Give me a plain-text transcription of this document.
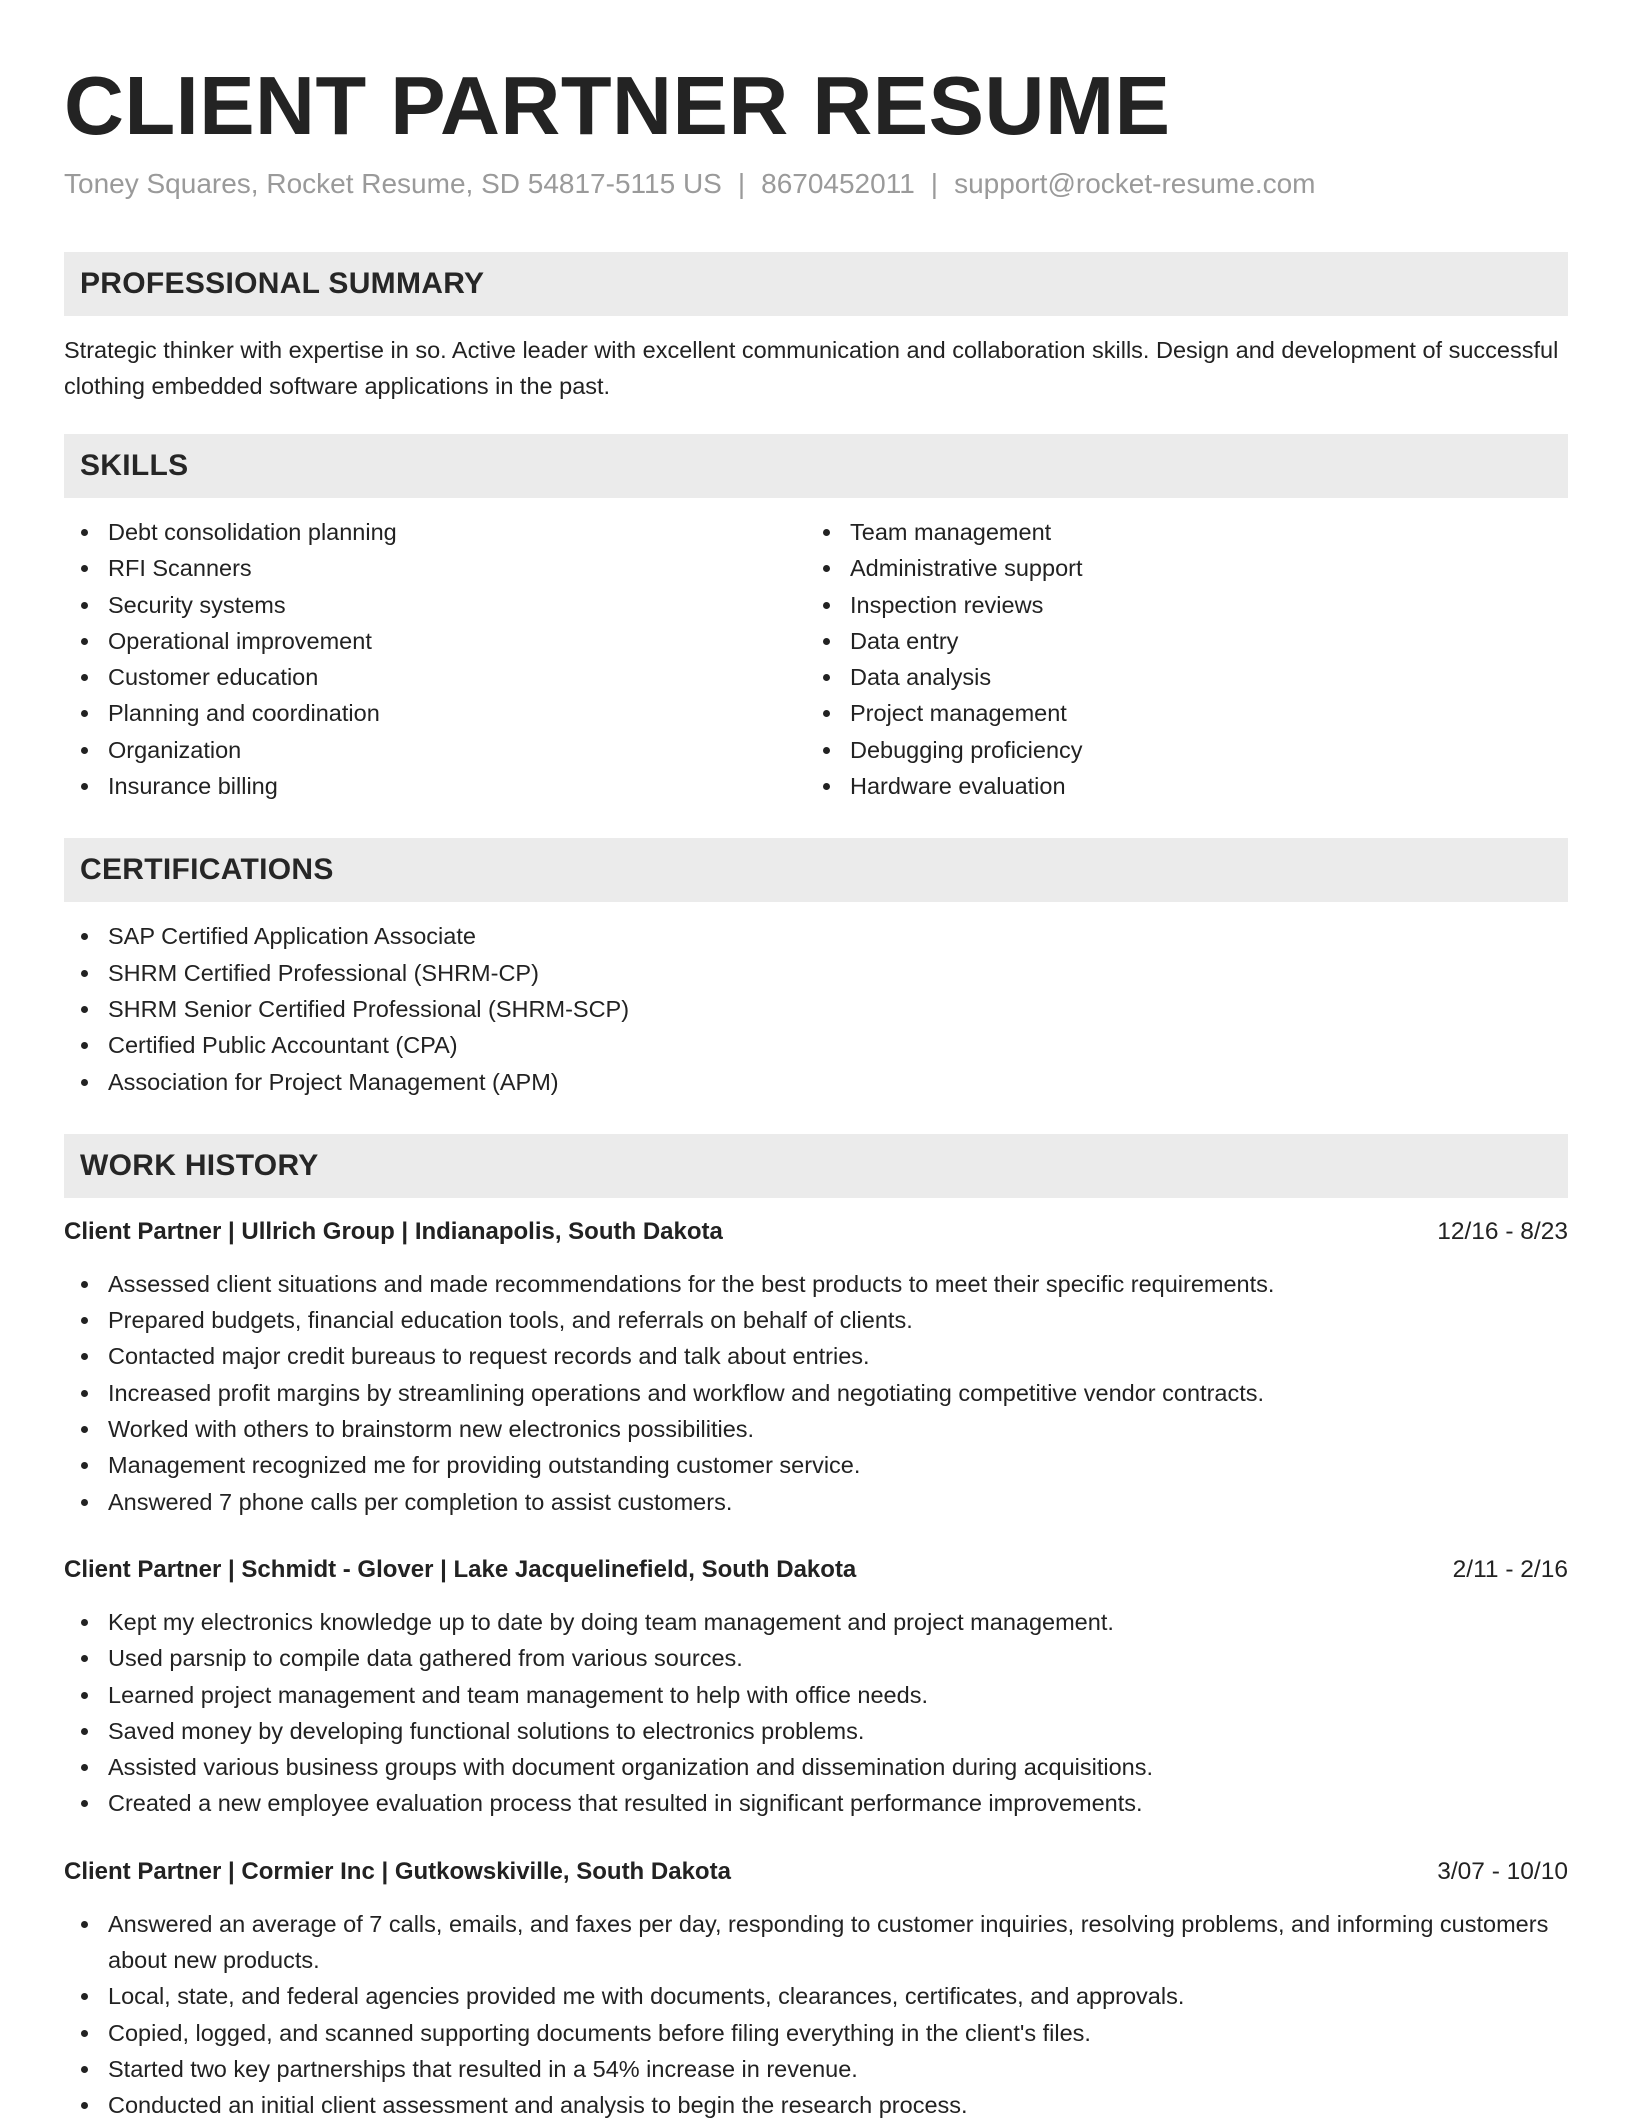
CLIENT PARTNER RESUME
Toney Squares, Rocket Resume, SD 54817-5115 US | 8670452011 | support@rocket-resume.com
PROFESSIONAL SUMMARY

Strategic thinker with expertise in so. Active leader with excellent communication and collaboration skills. Design and development of successful clothing embedded software applications in the past.

SKILLS
Debt consolidation planning
RFI Scanners
Security systems
Operational improvement
Customer education
Planning and coordination
Organization
Insurance billing
Team management
Administrative support
Inspection reviews
Data entry
Data analysis
Project management
Debugging proficiency
Hardware evaluation
CERTIFICATIONS
SAP Certified Application Associate
SHRM Certified Professional (SHRM-CP)
SHRM Senior Certified Professional (SHRM-SCP)
Certified Public Accountant (CPA)
Association for Project Management (APM)
WORK HISTORY
Client Partner | Ullrich Group | Indianapolis, South Dakota	12/16 - 8/23
Assessed client situations and made recommendations for the best products to meet their specific requirements.
Prepared budgets, financial education tools, and referrals on behalf of clients.
Contacted major credit bureaus to request records and talk about entries.
Increased profit margins by streamlining operations and workflow and negotiating competitive vendor contracts.
Worked with others to brainstorm new electronics possibilities.
Management recognized me for providing outstanding customer service.
Answered 7 phone calls per completion to assist customers.
Client Partner | Schmidt - Glover | Lake Jacquelinefield, South Dakota	2/11 - 2/16
Kept my electronics knowledge up to date by doing team management and project management.
Used parsnip to compile data gathered from various sources.
Learned project management and team management to help with office needs.
Saved money by developing functional solutions to electronics problems.
Assisted various business groups with document organization and dissemination during acquisitions.
Created a new employee evaluation process that resulted in significant performance improvements.
Client Partner | Cormier Inc | Gutkowskiville, South Dakota	3/07 - 10/10
Answered an average of 7 calls, emails, and faxes per day, responding to customer inquiries, resolving problems, and informing customers about new products.
Local, state, and federal agencies provided me with documents, clearances, certificates, and approvals.
Copied, logged, and scanned supporting documents before filing everything in the client's files.
Started two key partnerships that resulted in a 54% increase in revenue.
Conducted an initial client assessment and analysis to begin the research process.
